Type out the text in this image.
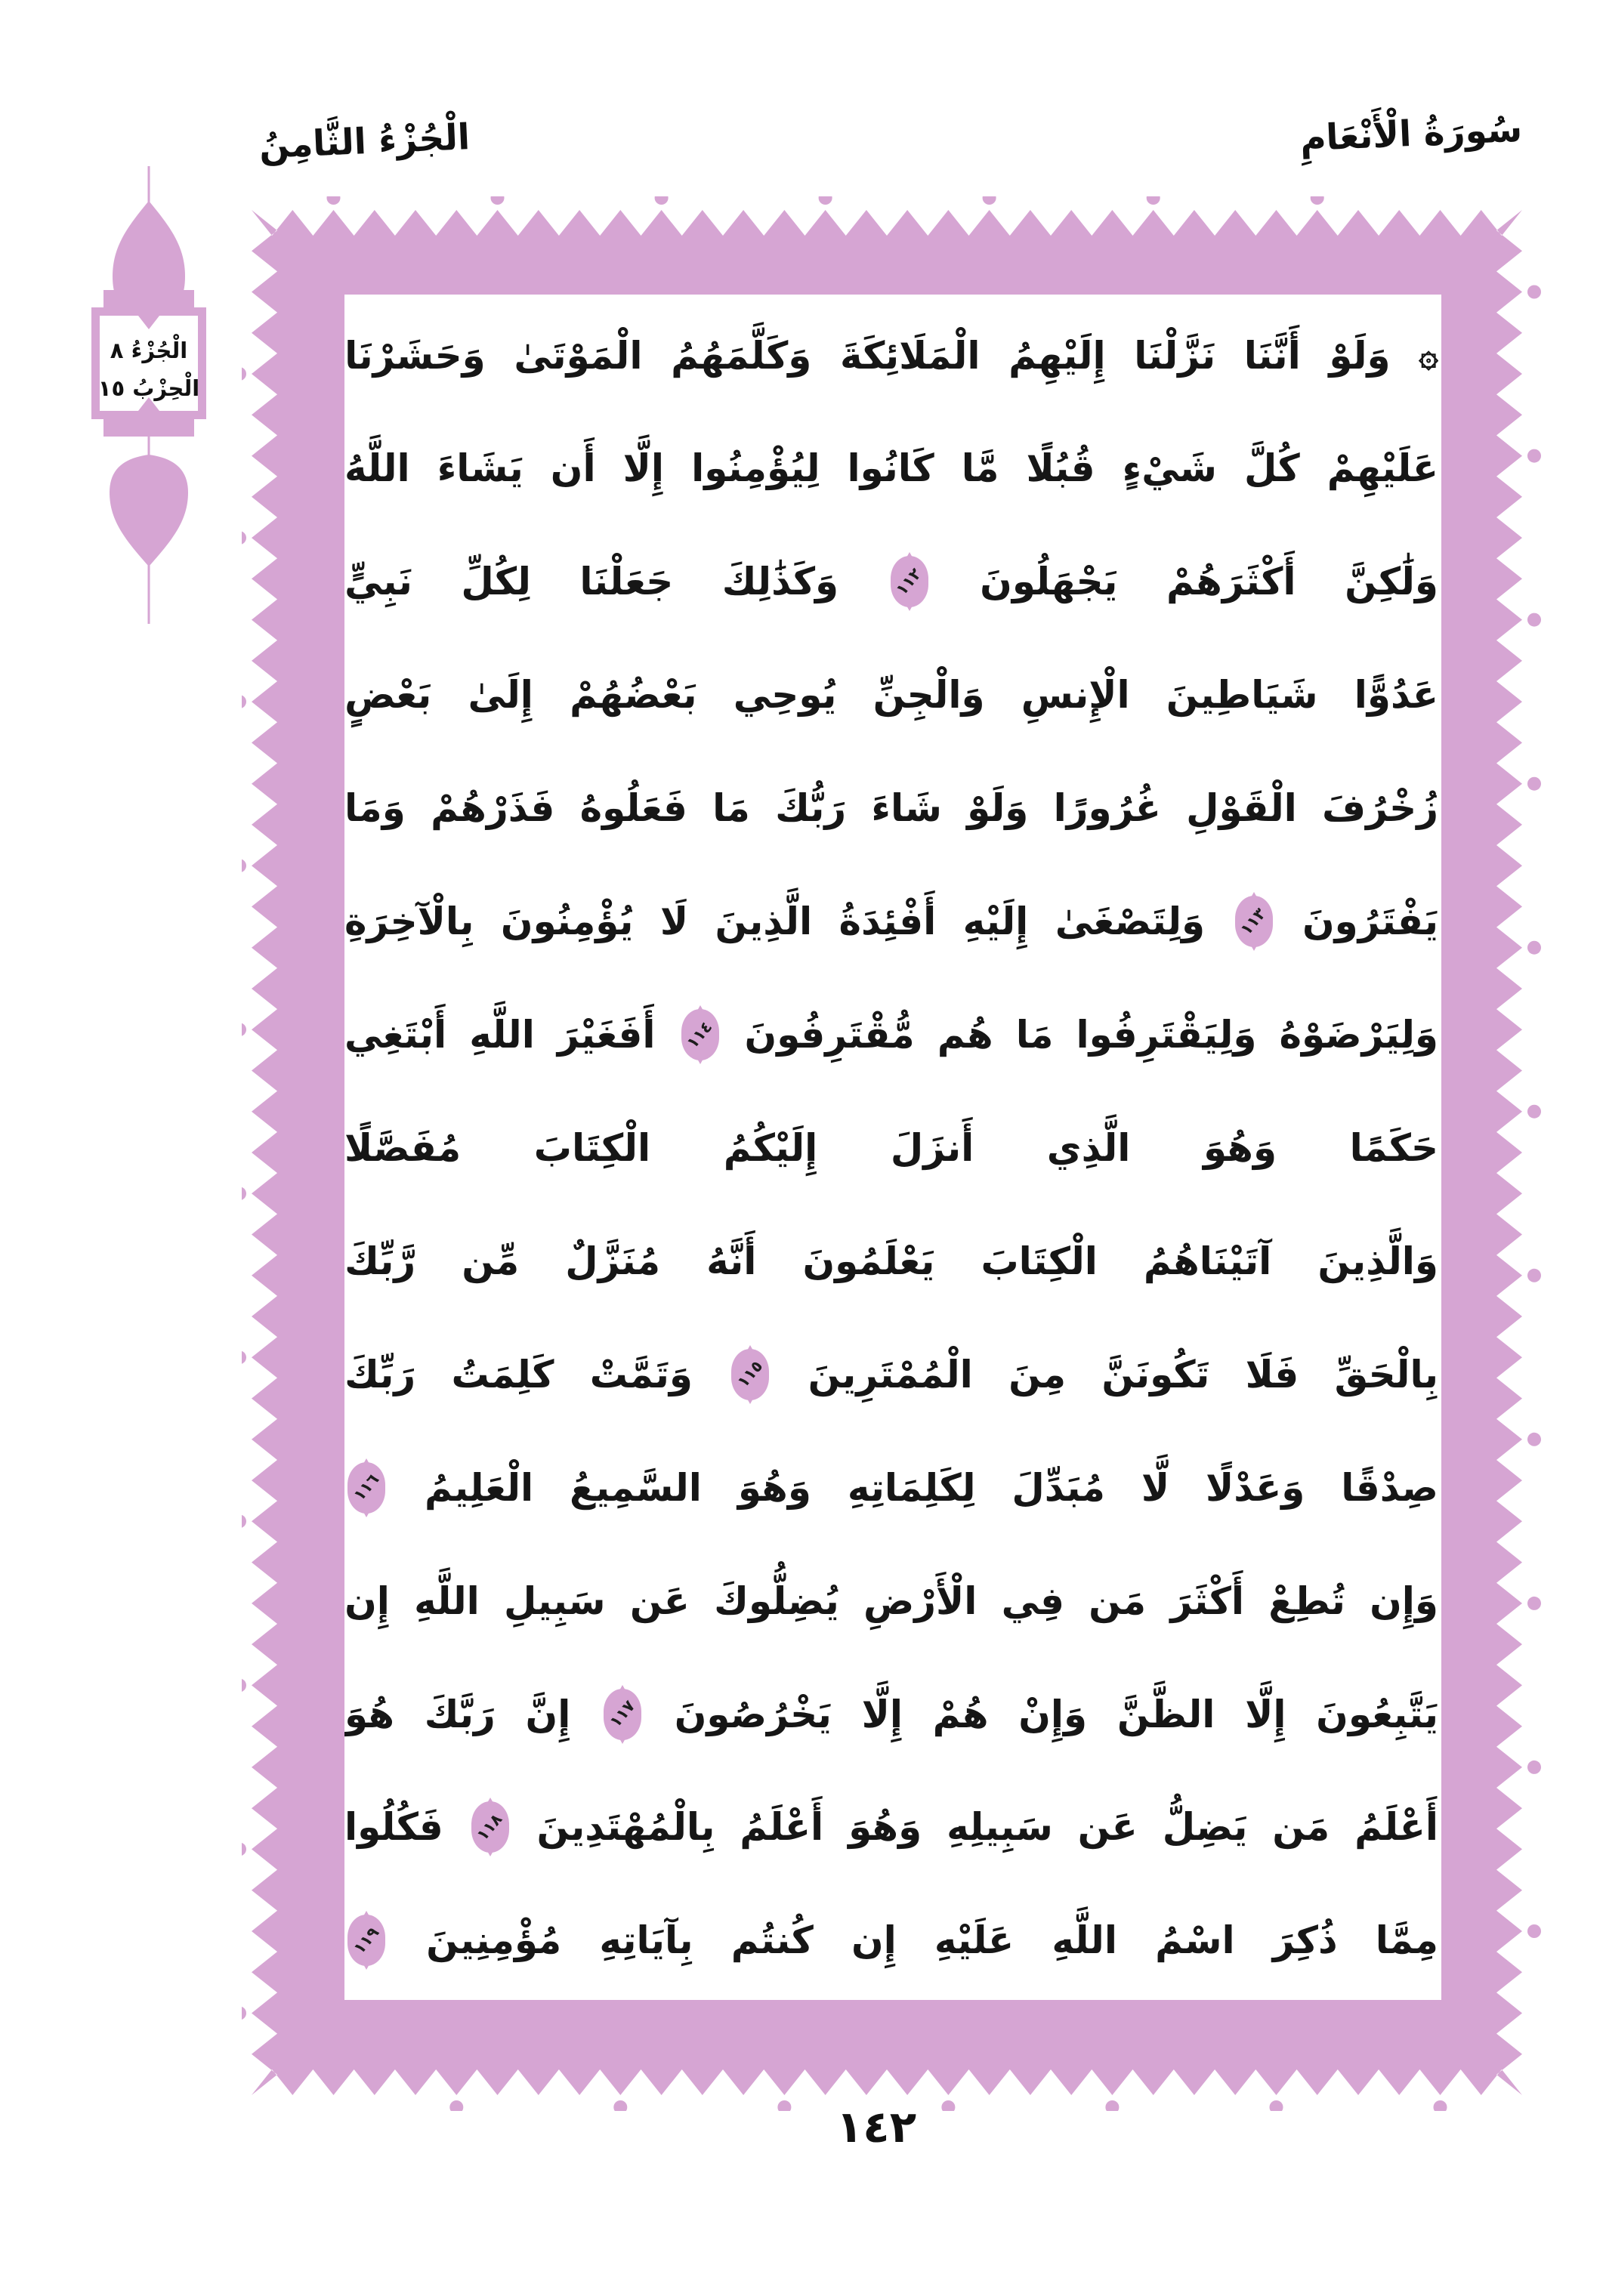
الْجُزْءُ الثَّامِنُ	سُورَةُ الْأَنْعَامِ
الْجُزْءُ ٨
الْحِزْبُ ١٥
۞
وَلَوْ
أَنَّنَا
نَزَّلْنَا
إِلَيْهِمُ
الْمَلَائِكَةَ
وَكَلَّمَهُمُ
الْمَوْتَىٰ
وَحَشَرْنَا
عَلَيْهِمْ
كُلَّ
شَيْءٍ
قُبُلًا
مَّا
كَانُوا
لِيُؤْمِنُوا
إِلَّا
أَن
يَشَاءَ
اللَّهُ
وَلَٰكِنَّ
أَكْثَرَهُمْ
يَجْهَلُونَ
١١٢
وَكَذَٰلِكَ
جَعَلْنَا
لِكُلِّ
نَبِيٍّ
عَدُوًّا
شَيَاطِينَ
الْإِنسِ
وَالْجِنِّ
يُوحِي
بَعْضُهُمْ
إِلَىٰ
بَعْضٍ
زُخْرُفَ
الْقَوْلِ
غُرُورًا
وَلَوْ
شَاءَ
رَبُّكَ
مَا
فَعَلُوهُ
فَذَرْهُمْ
وَمَا
يَفْتَرُونَ
١١٣
وَلِتَصْغَىٰ
إِلَيْهِ
أَفْئِدَةُ
الَّذِينَ
لَا
يُؤْمِنُونَ
بِالْآخِرَةِ
وَلِيَرْضَوْهُ
وَلِيَقْتَرِفُوا
مَا
هُم
مُّقْتَرِفُونَ
١١٤
أَفَغَيْرَ
اللَّهِ
أَبْتَغِي
حَكَمًا
وَهُوَ
الَّذِي
أَنزَلَ
إِلَيْكُمُ
الْكِتَابَ
مُفَصَّلًا
وَالَّذِينَ
آتَيْنَاهُمُ
الْكِتَابَ
يَعْلَمُونَ
أَنَّهُ
مُنَزَّلٌ
مِّن
رَّبِّكَ
بِالْحَقِّ
فَلَا
تَكُونَنَّ
مِنَ
الْمُمْتَرِينَ
١١٥
وَتَمَّتْ
كَلِمَتُ
رَبِّكَ
صِدْقًا
وَعَدْلًا
لَّا
مُبَدِّلَ
لِكَلِمَاتِهِ
وَهُوَ
السَّمِيعُ
الْعَلِيمُ
١١٦
وَإِن
تُطِعْ
أَكْثَرَ
مَن
فِي
الْأَرْضِ
يُضِلُّوكَ
عَن
سَبِيلِ
اللَّهِ
إِن
يَتَّبِعُونَ
إِلَّا
الظَّنَّ
وَإِنْ
هُمْ
إِلَّا
يَخْرُصُونَ
١١٧
إِنَّ
رَبَّكَ
هُوَ
أَعْلَمُ
مَن
يَضِلُّ
عَن
سَبِيلِهِ
وَهُوَ
أَعْلَمُ
بِالْمُهْتَدِينَ
١١٨
فَكُلُوا
مِمَّا
ذُكِرَ
اسْمُ
اللَّهِ
عَلَيْهِ
إِن
كُنتُم
بِآيَاتِهِ
مُؤْمِنِينَ
١١٩
١٤٢
